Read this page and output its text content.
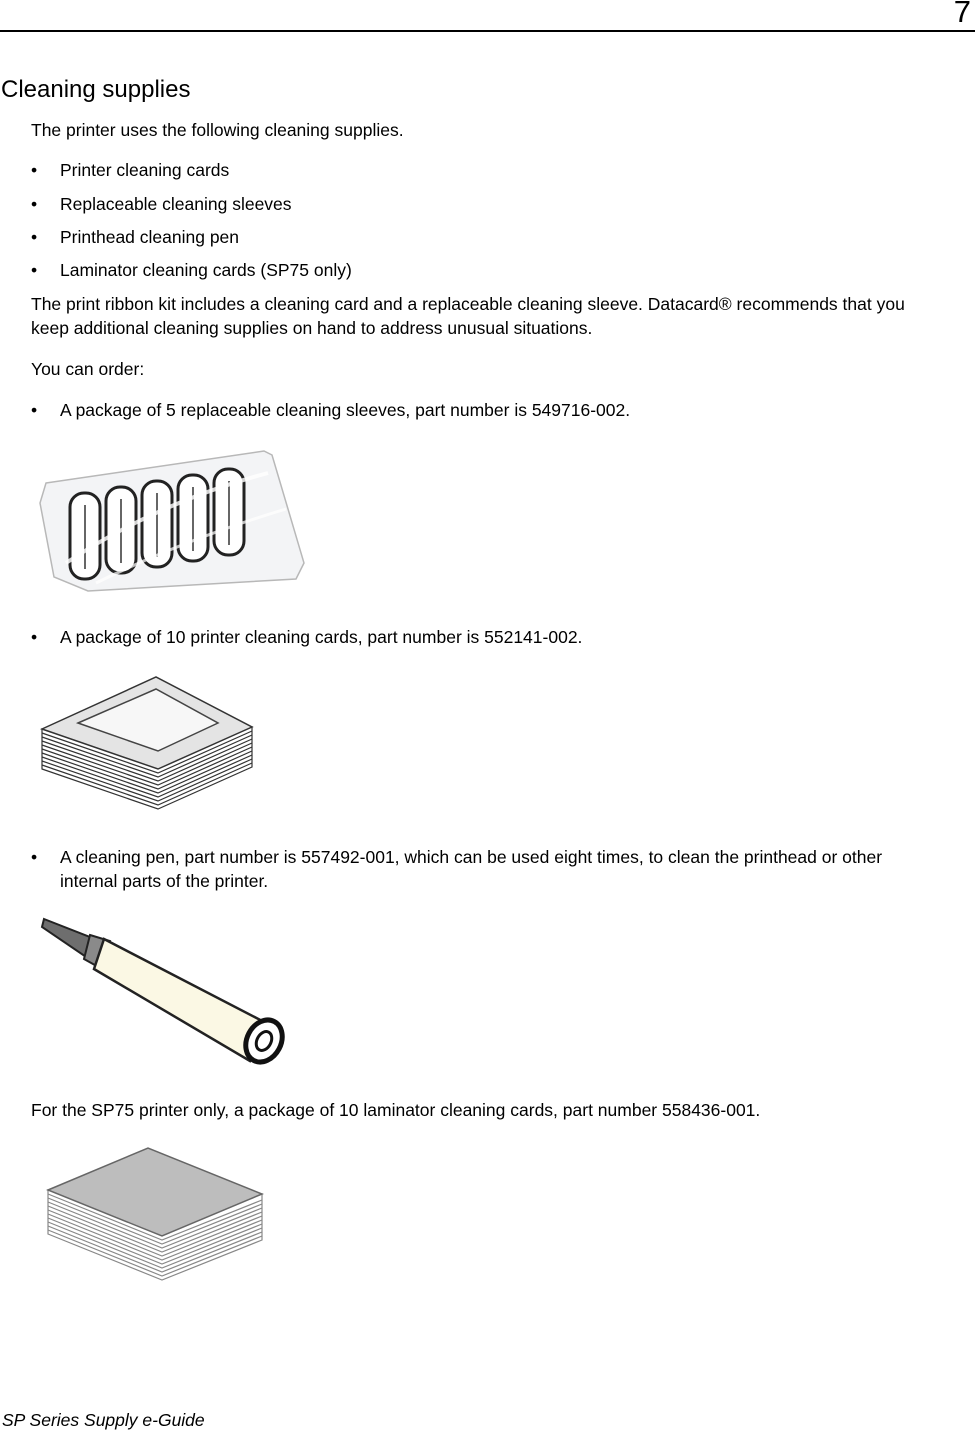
7
Cleaning supplies

The printer uses the following cleaning supplies.

• Printer cleaning cards
• Replaceable cleaning sleeves
• Printhead cleaning pen
• Laminator cleaning cards (SP75 only)
The print ribbon kit includes a cleaning card and a replaceable cleaning sleeve. Datacard® recommends that you
keep additional cleaning supplies on hand to address unusual situations.

You can order:

• A package of 5 replaceable cleaning sleeves, part number is 549716-002.
• A package of 10 printer cleaning cards, part number is 552141-002.
• A cleaning pen, part number is 557492-001, which can be used eight times, to clean the printhead or other
internal parts of the printer.

For the SP75 printer only, a package of 10 laminator cleaning cards, part number 558436-001.

SP Series Supply e-Guide
